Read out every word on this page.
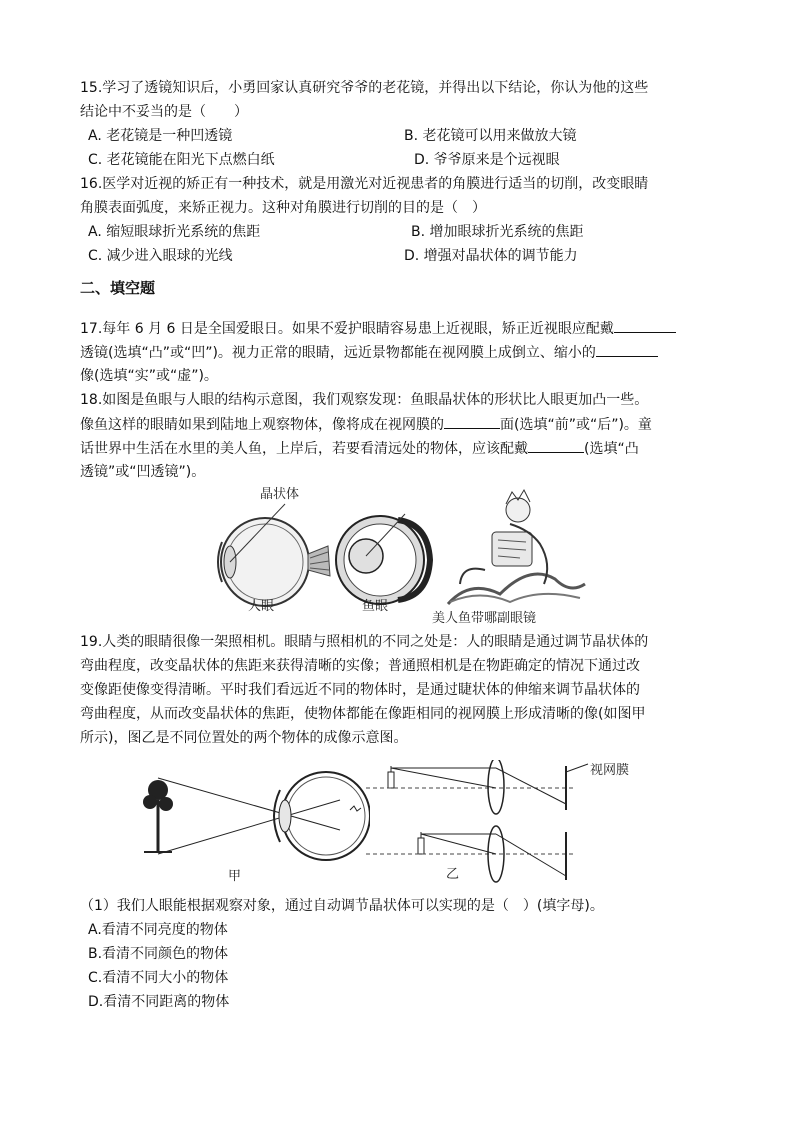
15.学习了透镜知识后，小勇回家认真研究爷爷的老花镜，并得出以下结论，你认为他的这些
结论中不妥当的是（　　）
A. 老花镜是一种凹透镜	B. 老花镜可以用来做放大镜
C. 老花镜能在阳光下点燃白纸	D. 爷爷原来是个远视眼
16.医学对近视的矫正有一种技术，就是用激光对近视患者的角膜进行适当的切削，改变眼睛
角膜表面弧度，来矫正视力。这种对角膜进行切削的目的是（　）
A. 缩短眼球折光系统的焦距	B. 增加眼球折光系统的焦距
C. 减少进入眼球的光线	D. 增强对晶状体的调节能力
二、填空题
17.每年 6 月 6 日是全国爱眼日。如果不爱护眼睛容易患上近视眼，矫正近视眼应配戴
透镜(选填“凸”或“凹”)。视力正常的眼睛，远近景物都能在视网膜上成倒立、缩小的
像(选填“实”或“虚”)。
18.如图是鱼眼与人眼的结构示意图，我们观察发现：鱼眼晶状体的形状比人眼更加凸一些。
像鱼这样的眼睛如果到陆地上观察物体，像将成在视网膜的	面(选填“前”或“后”)。童
话世界中生活在水里的美人鱼，上岸后，若要看清远处的物体，应该配戴	(选填“凸
透镜”或“凹透镜”)。
晶状体
人眼	鱼眼
美人鱼带哪副眼镜
19.人类的眼睛很像一架照相机。眼睛与照相机的不同之处是：人的眼睛是通过调节晶状体的
弯曲程度，改变晶状体的焦距来获得清晰的实像；普通照相机是在物距确定的情况下通过改
变像距使像变得清晰。平时我们看远近不同的物体时，是通过睫状体的伸缩来调节晶状体的
弯曲程度，从而改变晶状体的焦距，使物体都能在像距相同的视网膜上形成清晰的像(如图甲
所示)，图乙是不同位置处的两个物体的成像示意图。
甲
视网膜
乙
（1）我们人眼能根据观察对象，通过自动调节晶状体可以实现的是（　）(填字母)。
A.看清不同亮度的物体
B.看清不同颜色的物体
C.看清不同大小的物体
D.看清不同距离的物体
